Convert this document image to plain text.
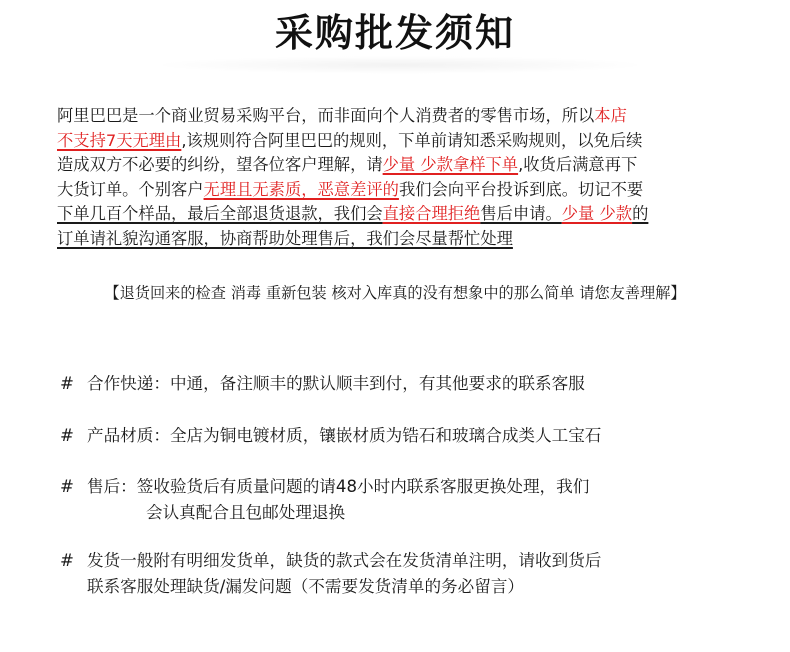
采购批发须知
阿里巴巴是一个商业贸易采购平台，而非面向个人消费者的零售市场，所以本店
不支持7天无理由,该规则符合阿里巴巴的规则，下单前请知悉采购规则，以免后续
造成双方不必要的纠纷，望各位客户理解，请少量 少款拿样下单,收货后满意再下
大货订单。个别客户无理且无素质，恶意差评的我们会向平台投诉到底。切记不要
下单几百个样品，最后全部退货退款，我们会直接合理拒绝售后申请。少量 少款的
订单请礼貌沟通客服，协商帮助处理售后，我们会尽量帮忙处理
【退货回来的检查 消毒 重新包装 核对入库真的没有想象中的那么简单 请您友善理解】
# 合作快递：中通，备注顺丰的默认顺丰到付，有其他要求的联系客服
# 产品材质：全店为铜电镀材质，镶嵌材质为锆石和玻璃合成类人工宝石
# 售后：签收验货后有质量问题的请48小时内联系客服更换处理，我们
会认真配合且包邮处理退换
# 发货一般附有明细发货单，缺货的款式会在发货清单注明，请收到货后
联系客服处理缺货/漏发问题（不需要发货清单的务必留言）
